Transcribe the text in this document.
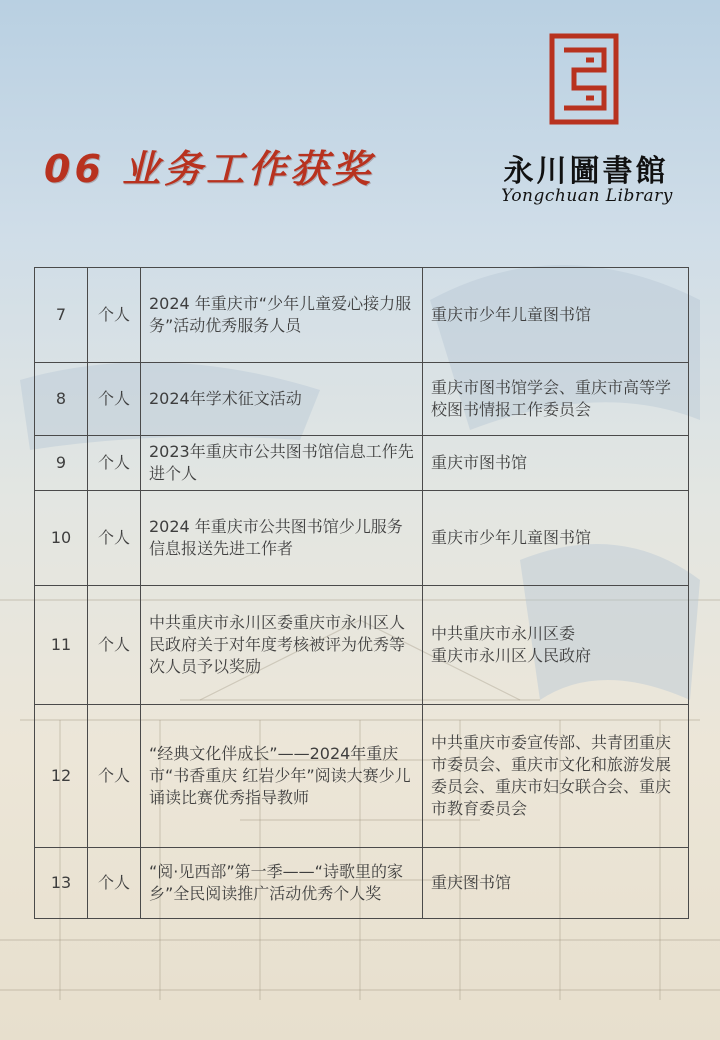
06 业务工作获奖	永川圖書館
Yongchuan Library
7	个人	2024 年重庆市“少年儿童爱心接力服务”活动优秀服务人员	重庆市少年儿童图书馆
8	个人	2024年学术征文活动	重庆市图书馆学会、重庆市高等学校图书情报工作委员会
9	个人	2023年重庆市公共图书馆信息工作先进个人	重庆市图书馆
10	个人	2024 年重庆市公共图书馆少儿服务信息报送先进工作者	重庆市少年儿童图书馆
11	个人	中共重庆市永川区委重庆市永川区人民政府关于对年度考核被评为优秀等次人员予以奖励	中共重庆市永川区委
重庆市永川区人民政府
12	个人	“经典文化伴成长”——2024年重庆市“书香重庆 红岩少年”阅读大赛少儿诵读比赛优秀指导教师	中共重庆市委宣传部、共青团重庆市委员会、重庆市文化和旅游发展委员会、重庆市妇女联合会、重庆市教育委员会
13	个人	“阅·见西部”第一季——“诗歌里的家乡”全民阅读推广活动优秀个人奖	重庆图书馆
